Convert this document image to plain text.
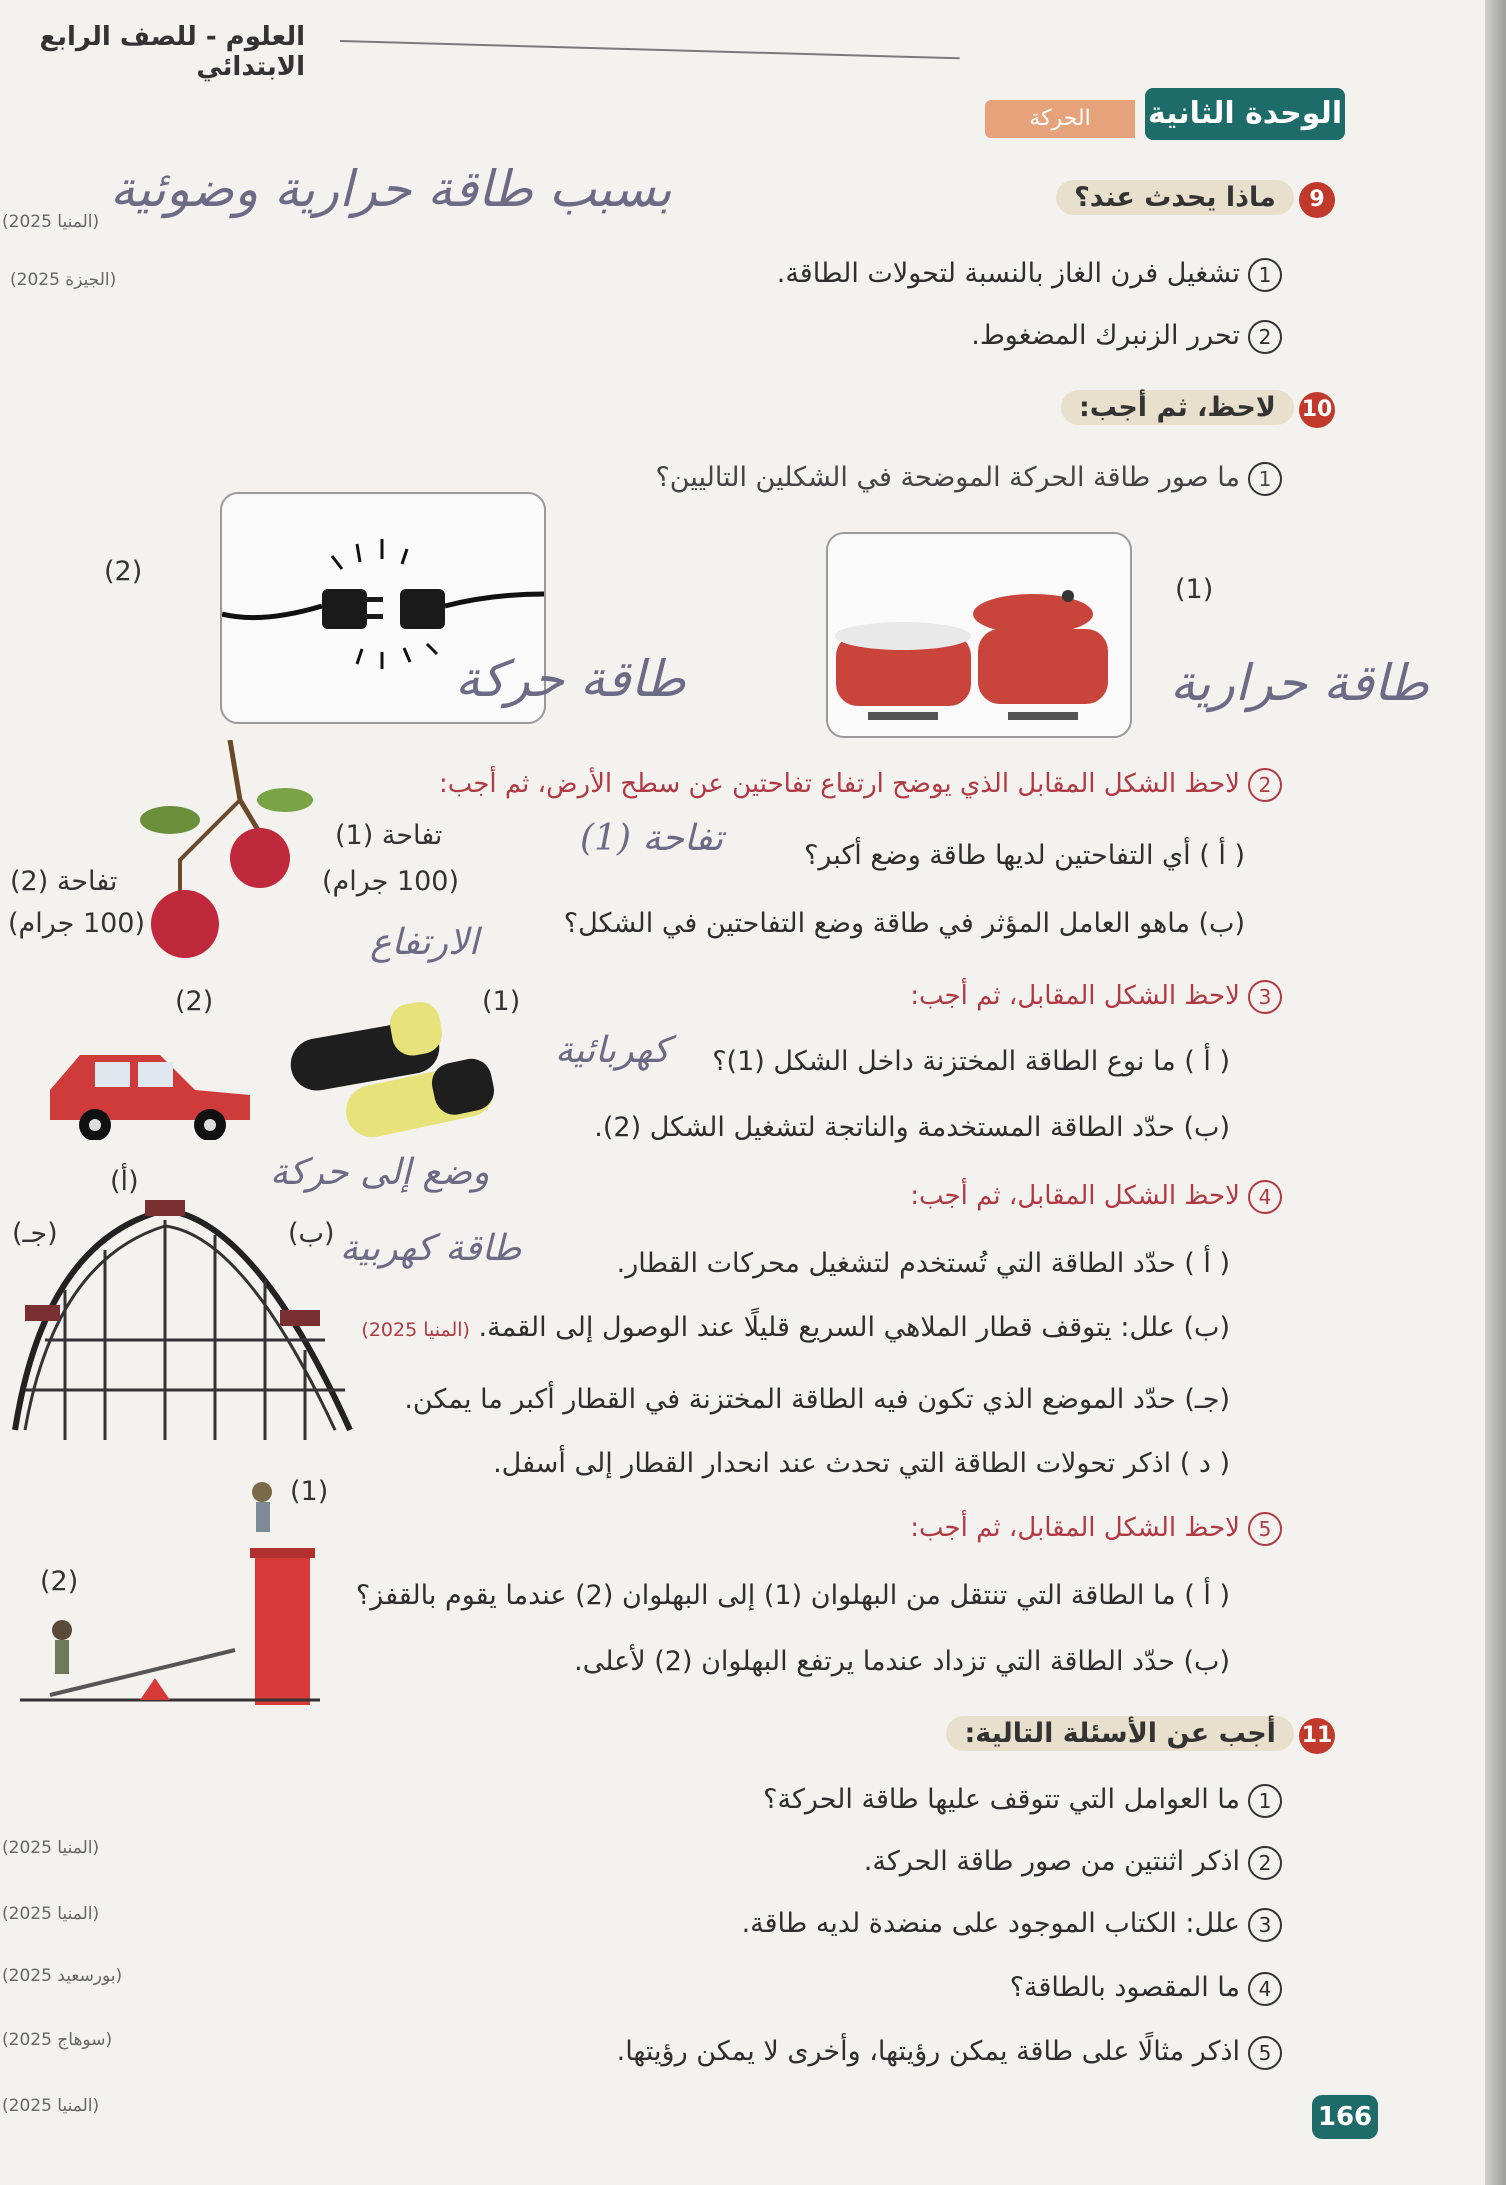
العلوم - للصف الرابع الابتدائي
الحركة	الوحدة الثانية
9 ماذا يحدث عند؟
بسبب طاقة حرارية وضوئية
(المنيا 2025)
(الجيزة 2025)	1تشغيل فرن الغاز بالنسبة لتحولات الطاقة.
2تحرر الزنبرك المضغوط.
10 لاحظ، ثم أجب:
1ما صور طاقة الحركة الموضحة في الشكلين التاليين؟
(2)
طاقة حركة
(1)
طاقة حرارية
2لاحظ الشكل المقابل الذي يوضح ارتفاع تفاحتين عن سطح الأرض، ثم أجب:
( أ ) أي التفاحتين لديها طاقة وضع أكبر؟
تفاحة (1)
(ب) ماهو العامل المؤثر في طاقة وضع التفاحتين في الشكل؟
الارتفاع
تفاحة (1)
(100 جرام)
تفاحة (2)
(100 جرام)
3لاحظ الشكل المقابل، ثم أجب:
( أ ) ما نوع الطاقة المختزنة داخل الشكل (1)؟
كهربائية
(ب) حدّد الطاقة المستخدمة والناتجة لتشغيل الشكل (2).
وضع إلى حركة
(2)	(1)
4لاحظ الشكل المقابل، ثم أجب:
( أ ) حدّد الطاقة التي تُستخدم لتشغيل محركات القطار.
طاقة كهربية
(ب) علل: يتوقف قطار الملاهي السريع قليلًا عند الوصول إلى القمة. (المنيا 2025)
(جـ) حدّد الموضع الذي تكون فيه الطاقة المختزنة في القطار أكبر ما يمكن.
( د ) اذكر تحولات الطاقة التي تحدث عند انحدار القطار إلى أسفل.
(أ)
(ب)
(جـ)
5لاحظ الشكل المقابل، ثم أجب:
( أ ) ما الطاقة التي تنتقل من البهلوان (1) إلى البهلوان (2) عندما يقوم بالقفز؟
(ب) حدّد الطاقة التي تزداد عندما يرتفع البهلوان (2) لأعلى.
(1)
(2)
11 أجب عن الأسئلة التالية:
1ما العوامل التي تتوقف عليها طاقة الحركة؟
(المنيا 2025)
2اذكر اثنتين من صور طاقة الحركة.
(المنيا 2025)	3علل: الكتاب الموجود على منضدة لديه طاقة.
(بورسعيد 2025)
4ما المقصود بالطاقة؟
(سوهاج 2025)
5اذكر مثالًا على طاقة يمكن رؤيتها، وأخرى لا يمكن رؤيتها.
(المنيا 2025)	166
